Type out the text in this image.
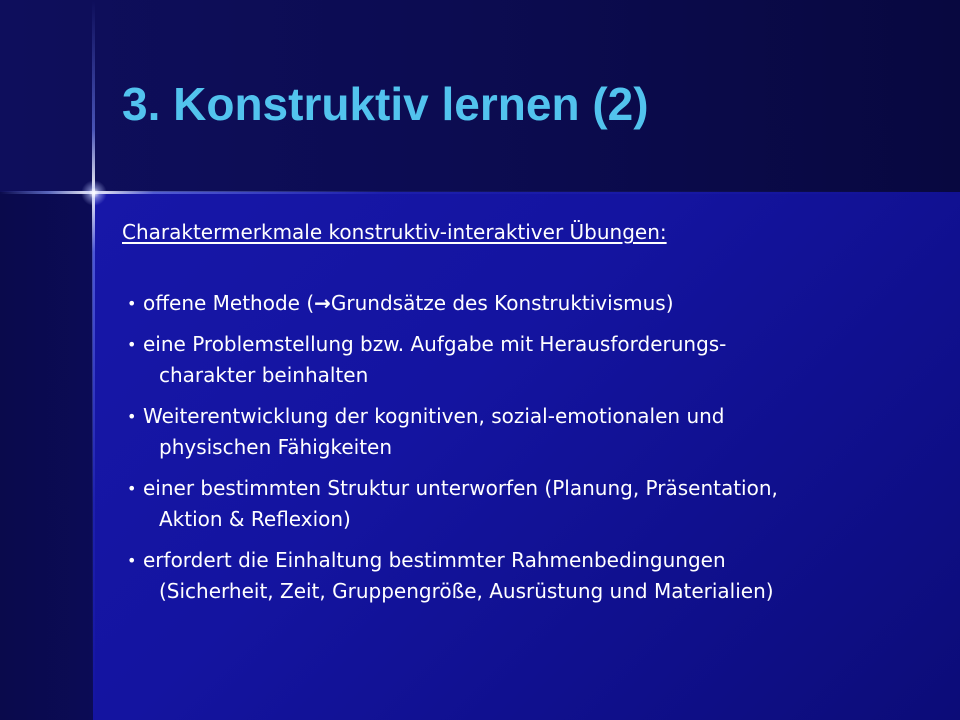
3. Konstruktiv lernen (2)

Charaktermerkmale konstruktiv-interaktiver Übungen:

• offene Methode (→Grundsätze des Konstruktivismus)
• eine Problemstellung bzw. Aufgabe mit Herausforderungs-
charakter beinhalten
• Weiterentwicklung der kognitiven, sozial-emotionalen und
physischen Fähigkeiten
• einer bestimmten Struktur unterworfen (Planung, Präsentation,
Aktion & Reflexion)
• erfordert die Einhaltung bestimmter Rahmenbedingungen
(Sicherheit, Zeit, Gruppengröße, Ausrüstung und Materialien)
